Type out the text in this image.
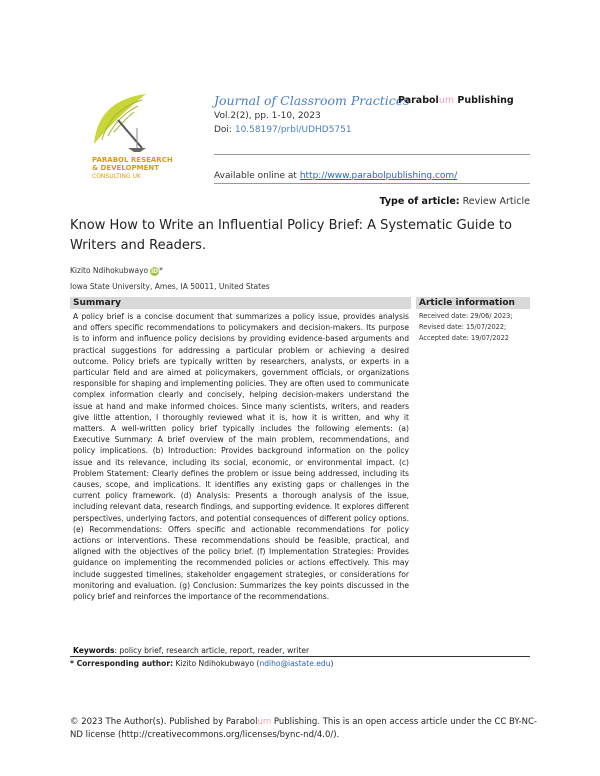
PARABOL RESEARCH
& DEVELOPMENT
CONSULTING UK
Journal of Classroom Practices
Parabolum Publishing
Vol.2(2), pp. 1-10, 2023
Doi: 10.58197/prbl/UDHD5751
Available online at http://www.parabolpublishing.com/
Type of article: Review Article
Know How to Write an Influential Policy Brief: A Systematic Guide to Writers and Readers.
Kizito Ndihokubwayo iD*
Iowa State University, Ames, IA 50011, United States
Summary	Article information
A policy brief is a concise document that summarizes a policy issue, provides analysis and offers specific recommendations to policymakers and decision-makers. Its purpose is to inform and influence policy decisions by providing evidence-based arguments and practical suggestions for addressing a particular problem or achieving a desired outcome. Policy briefs are typically written by researchers, analysts, or experts in a particular field and are aimed at policymakers, government officials, or organizations responsible for shaping and implementing policies. They are often used to communicate complex information clearly and concisely, helping decision-makers understand the issue at hand and make informed choices. Since many scientists, writers, and readers give little attention, I thoroughly reviewed what it is, how it is written, and why it matters. A well-written policy brief typically includes the following elements: (a) Executive Summary: A brief overview of the main problem, recommendations, and policy implications. (b) Introduction: Provides background information on the policy issue and its relevance, including its social, economic, or environmental impact. (c) Problem Statement: Clearly defines the problem or issue being addressed, including its causes, scope, and implications. It identifies any existing gaps or challenges in the current policy framework. (d) Analysis: Presents a thorough analysis of the issue, including relevant data, research findings, and supporting evidence. It explores different perspectives, underlying factors, and potential consequences of different policy options. (e) Recommendations: Offers specific and actionable recommendations for policy actions or interventions. These recommendations should be feasible, practical, and aligned with the objectives of the policy brief. (f) Implementation Strategies: Provides guidance on implementing the recommended policies or actions effectively. This may include suggested timelines, stakeholder engagement strategies, or considerations for monitoring and evaluation. (g) Conclusion: Summarizes the key points discussed in the policy brief and reinforces the importance of the recommendations.
Received date: 29/06/ 2023;
Revised date: 15/07/2022;
Accepted date: 19/07/2022
Keywords: policy brief, research article, report, reader, writer
* Corresponding author: Kizito Ndihokubwayo (ndiho@iastate.edu)
© 2023 The Author(s). Published by Parabolum Publishing. This is an open access article under the CC BY-NC-ND license (http://creativecommons.org/licenses/bync-nd/4.0/).
